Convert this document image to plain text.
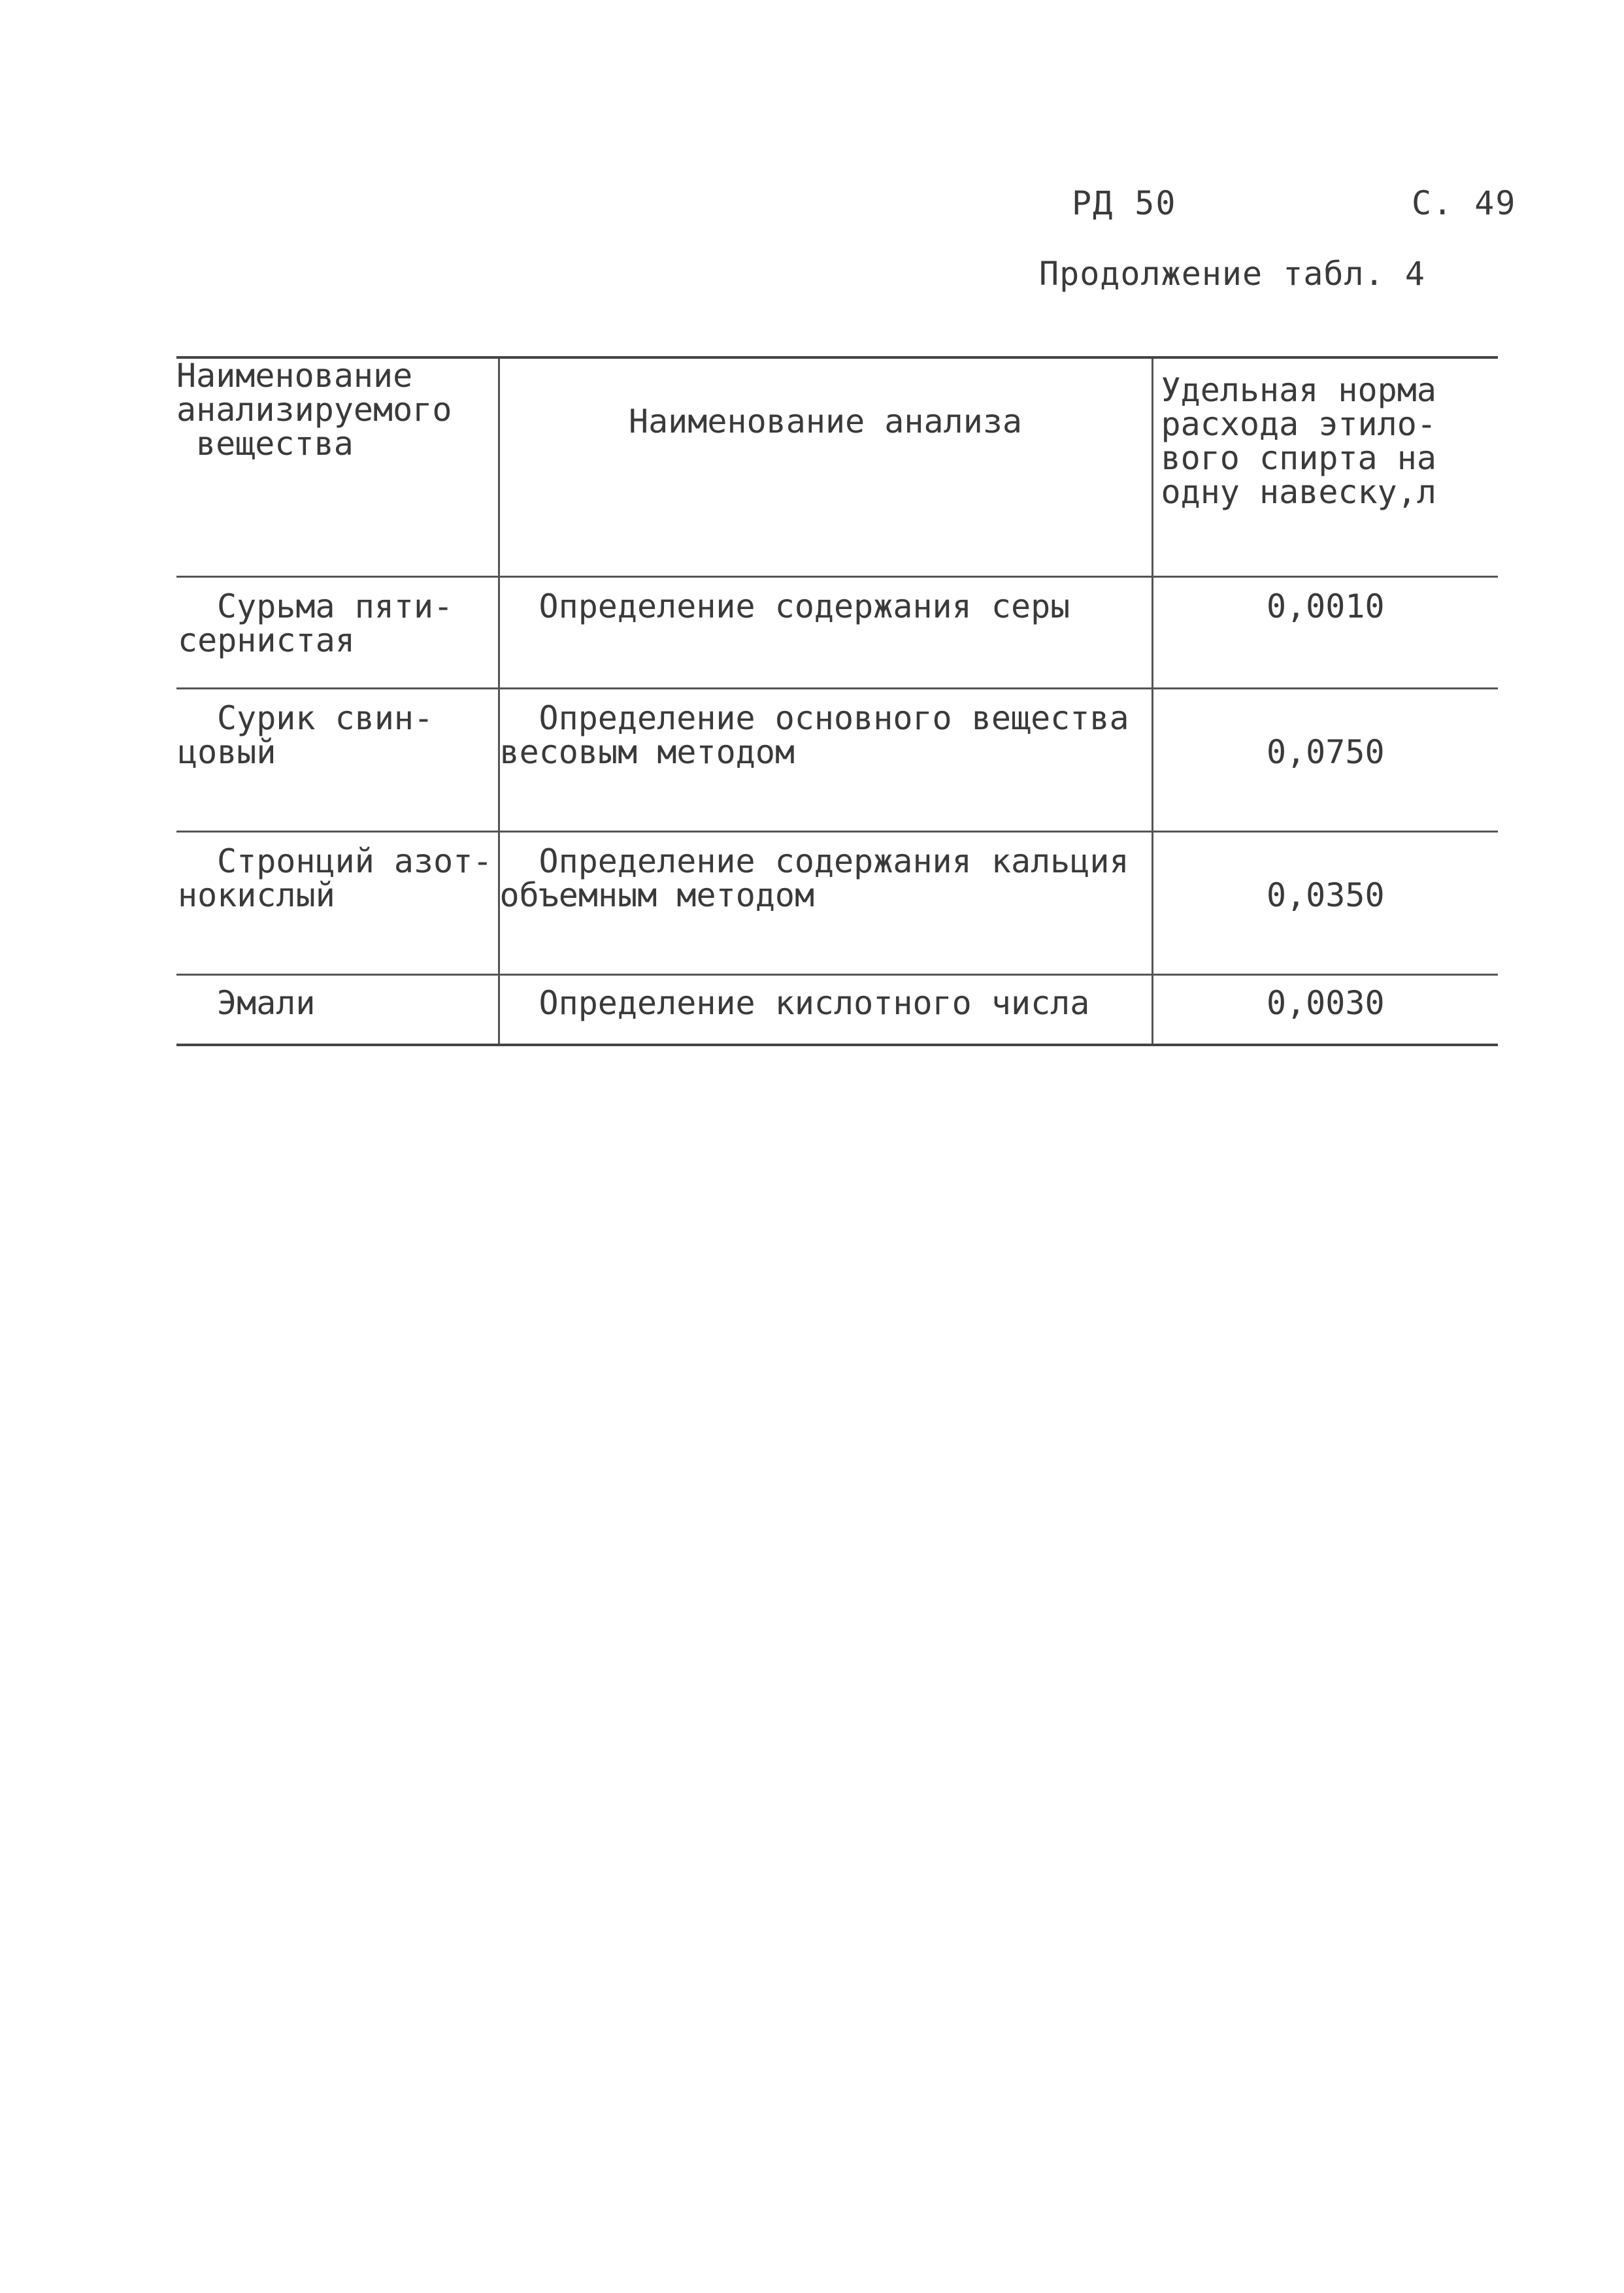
РД 50	С. 49
Продолжение табл. 4
Наименование
анализируемого
вещества	Наименование анализа	Удельная норма
расхода этило-
вого спирта на
одну навеску,л

Сурьма пяти-
сернистая	Определение содержания серы	0,0010

Сурик свин-
цовый	Определение основного вещества
весовым методом	0,0750

Стронций азот-
нокислый	Определение содержания кальция
объемным методом	0,0350

Эмали	Определение кислотного числа	0,0030
